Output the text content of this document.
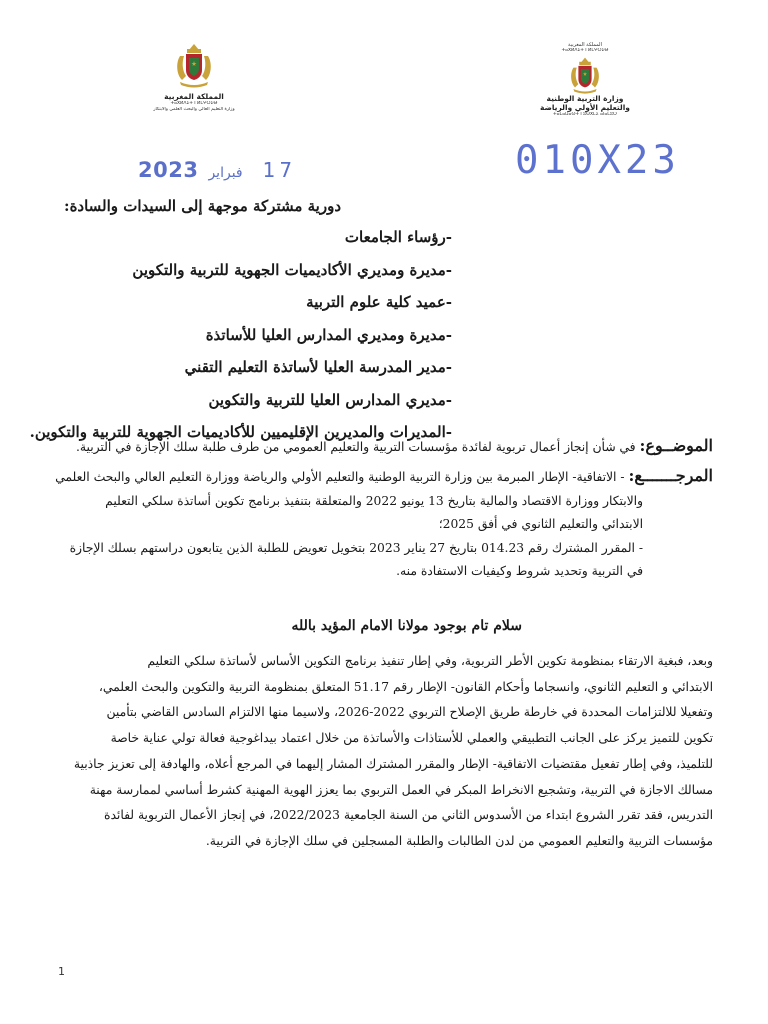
المملكة المغربية
ⵜⴰⴳⵍⴷⵉⵜ ⵏ ⵍⵎⵖⵔⵉⴱ
وزارة التعليم العالي والبحث العلمي والابتكار
المملكة المغربية
ⵜⴰⴳⵍⴷⵉⵜ ⵏ ⵍⵎⵖⵔⵉⴱ
وزارة التربية الوطنية
والتعليم الأولي والرياضة
ⵜⴰⵎⴰⵡⴰⵙⵜ ⵏ ⵓⵙⴳⵎⵉ ⴰⵏⴰⵎⵓⵔ
2023 فبراير	17	010X23
دورية مشتركة موجهة إلى السيدات والسادة:
-رؤساء الجامعات
-مديرة ومديري الأكاديميات الجهوية للتربية والتكوين
-عميد كلية علوم التربية
-مديرة ومديري المدارس العليا للأساتذة
-مدير المدرسة العليا لأساتذة التعليم التقني
-مديري المدارس العليا للتربية والتكوين
-المديرات والمديرين الإقليميين للأكاديميات الجهوية للتربية والتكوين.
الموضــوع: في شأن إنجاز أعمال تربوية لفائدة مؤسسات التربية والتعليم العمومي من طرف طلبة سلك الإجازة في التربية.
المرجـــــــع: - الاتفاقية- الإطار المبرمة بين وزارة التربية الوطنية والتعليم الأولي والرياضة ووزارة التعليم العالي والبحث العلمي
والابتكار ووزارة الاقتصاد والمالية بتاريخ 13 يونيو 2022 والمتعلقة بتنفيذ برنامج تكوين أساتذة سلكي التعليم
الابتدائي والتعليم الثانوي في أفق 2025؛
- المقرر المشترك رقم 014.23 بتاريخ 27 يناير 2023 بتخويل تعويض للطلبة الذين يتابعون دراستهم بسلك الإجازة
في التربية وتحديد شروط وكيفيات الاستفادة منه.
سلام تام بوجود مولانا الامام المؤيد بالله
وبعد، فبغية الارتقاء بمنظومة تكوين الأطر التربوية، وفي إطار تنفيذ برنامج التكوين الأساس لأساتذة سلكي التعليم
الابتدائي و التعليم الثانوي، وانسجاما وأحكام القانون- الإطار رقم 51.17 المتعلق بمنظومة التربية والتكوين والبحث العلمي،
وتفعيلا للالتزامات المحددة في خارطة طريق الإصلاح التربوي 2022-2026، ولاسيما منها الالتزام السادس القاضي بتأمين
تكوين للتميز يركز على الجانب التطبيقي والعملي للأستاذات والأساتذة من خلال اعتماد بيداغوجية فعالة تولي عناية خاصة
للتلميذ، وفي إطار تفعيل مقتضيات الاتفاقية- الإطار والمقرر المشترك المشار إليهما في المرجع أعلاه، والهادفة إلى تعزيز جاذبية
مسالك الاجازة في التربية، وتشجيع الانخراط المبكر في العمل التربوي بما يعزز الهوية المهنية كشرط أساسي لممارسة مهنة
التدريس، فقد تقرر الشروع ابتداء من الأسدوس الثاني من السنة الجامعية 2022/2023، في إنجاز الأعمال التربوية لفائدة
مؤسسات التربية والتعليم العمومي من لدن الطالبات والطلبة المسجلين في سلك الإجازة في التربية.
1
